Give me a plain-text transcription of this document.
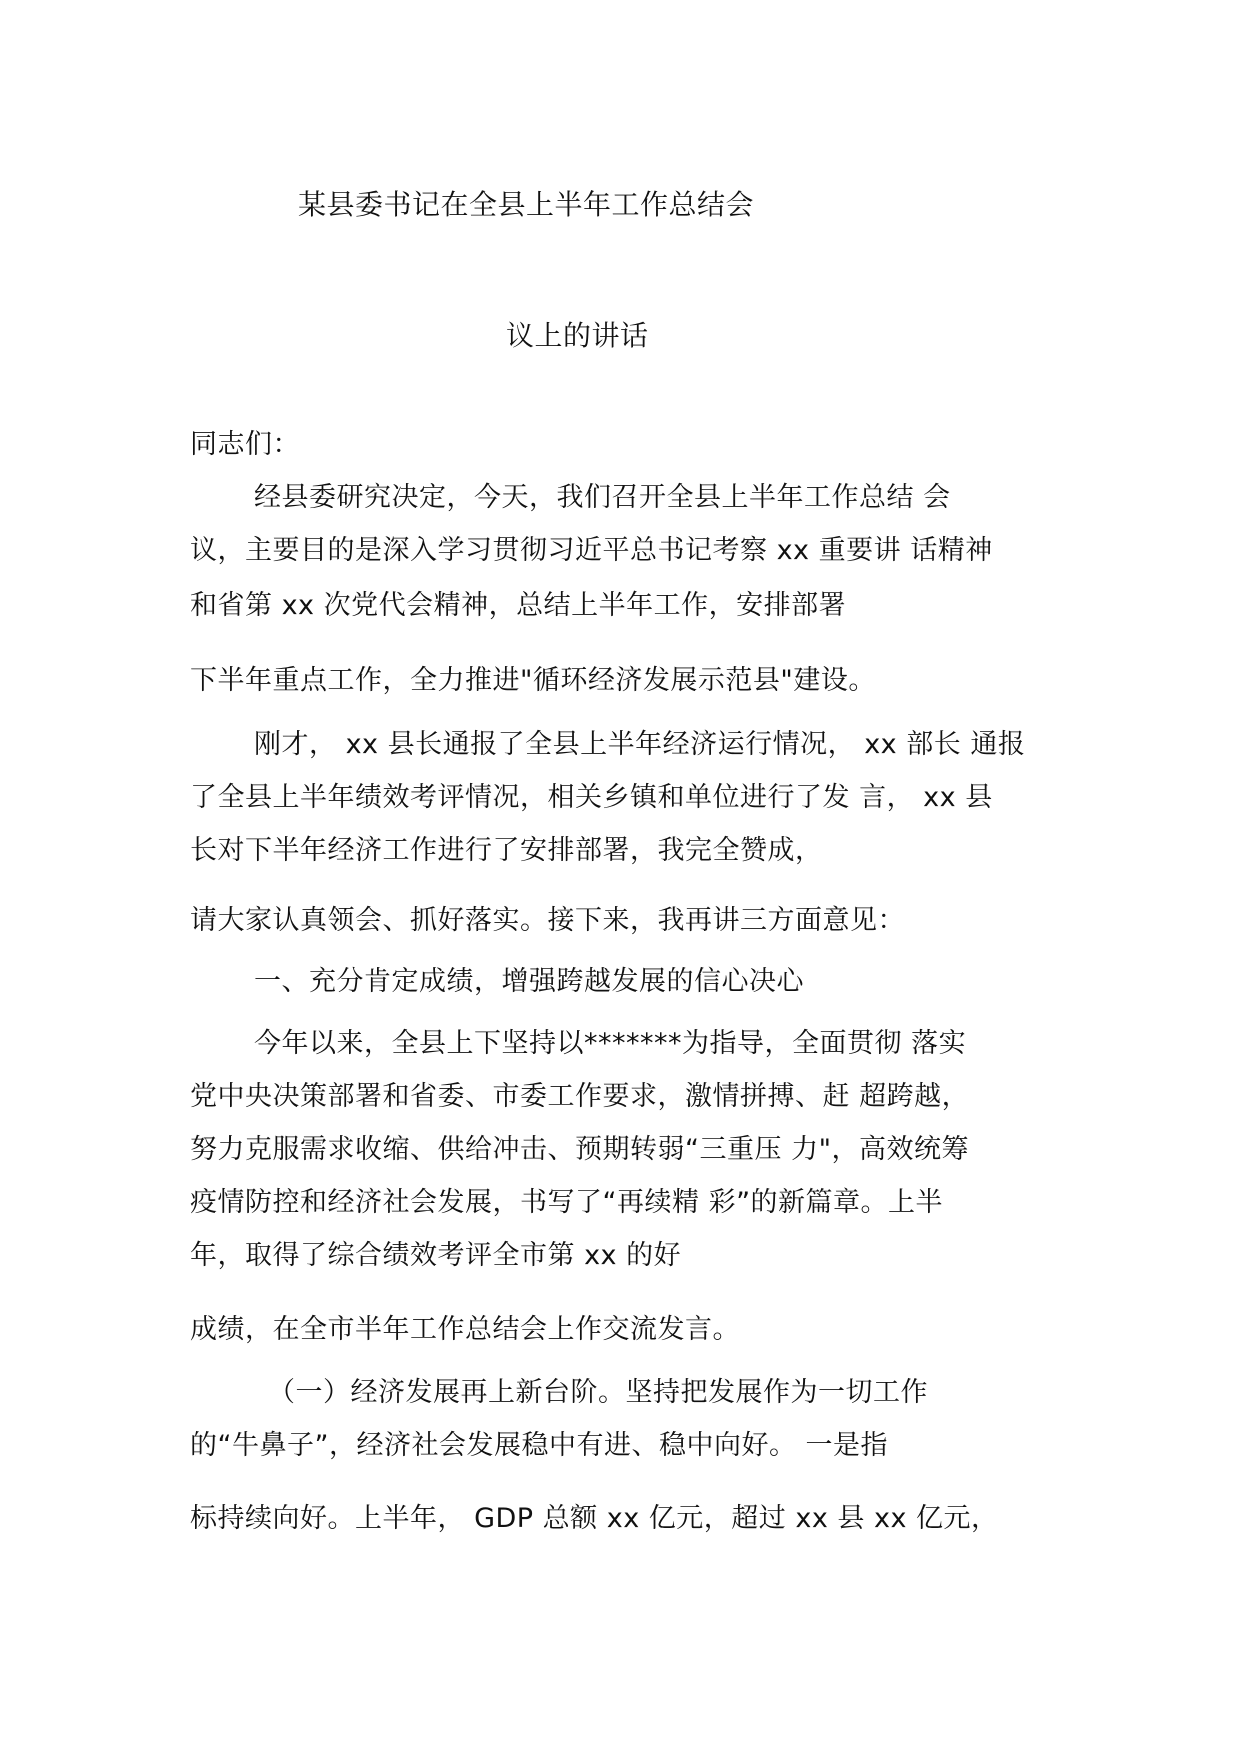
某县委书记在全县上半年工作总结会
议上的讲话
同志们：
经县委研究决定，今天，我们召开全县上半年工作总结 会
议，主要目的是深入学习贯彻习近平总书记考察 xx 重要讲 话精神
和省第 xx 次党代会精神，总结上半年工作，安排部署
下半年重点工作，全力推进"循环经济发展示范县"建设。
刚才， xx 县长通报了全县上半年经济运行情况， xx 部长 通报
了全县上半年绩效考评情况，相关乡镇和单位进行了发 言， xx 县
长对下半年经济工作进行了安排部署，我完全赞成，
请大家认真领会、抓好落实。接下来，我再讲三方面意见：
一、充分肯定成绩，增强跨越发展的信心决心
今年以来，全县上下坚持以*******为指导，全面贯彻 落实
党中央决策部署和省委、市委工作要求，激情拼搏、赶 超跨越，
努力克服需求收缩、供给冲击、预期转弱“三重压 力"，高效统筹
疫情防控和经济社会发展，书写了“再续精 彩”的新篇章。上半
年，取得了综合绩效考评全市第 xx 的好
成绩，在全市半年工作总结会上作交流发言。
（一）经济发展再上新台阶。坚持把发展作为一切工作
的“牛鼻子”，经济社会发展稳中有进、稳中向好。 一是指
标持续向好。上半年， GDP 总额 xx 亿元，超过 xx 县 xx 亿元，
